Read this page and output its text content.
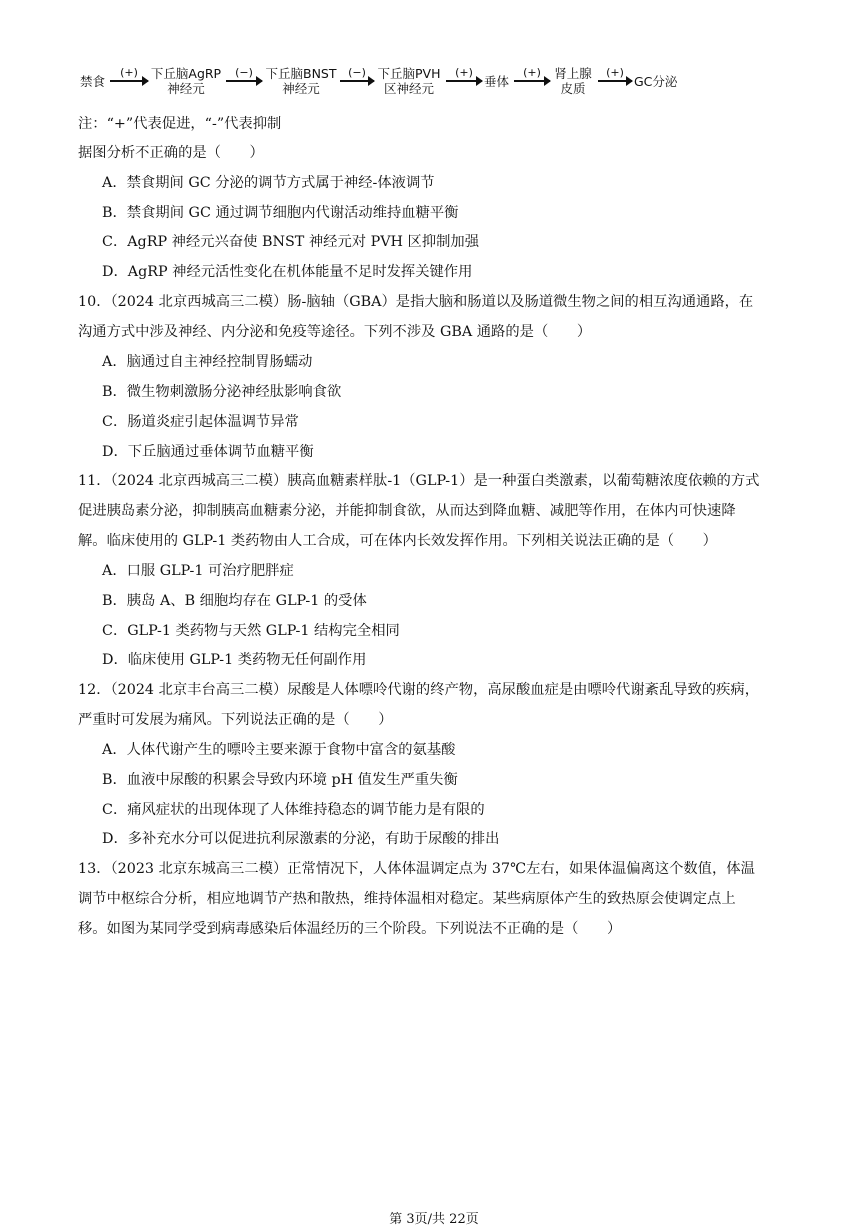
禁食
(+)	下丘脑AgRP
神经元
(−)	下丘脑BNST
神经元
(−) 下丘脑PVH
区神经元
(+)
垂体
(+)	肾上腺
皮质
(+)
GC分泌
注：“+”代表促进，“-”代表抑制
据图分析不正确的是（　　）
A．禁食期间 GC 分泌的调节方式属于神经-体液调节
B．禁食期间 GC 通过调节细胞内代谢活动维持血糖平衡
C．AgRP 神经元兴奋使 BNST 神经元对 PVH 区抑制加强
D．AgRP 神经元活性变化在机体能量不足时发挥关键作用
10．（2024 北京西城高三二模）肠-脑轴（GBA）是指大脑和肠道以及肠道微生物之间的相互沟通通路，在
沟通方式中涉及神经、内分泌和免疫等途径。下列不涉及 GBA 通路的是（　　）
A．脑通过自主神经控制胃肠蠕动
B．微生物刺激肠分泌神经肽影响食欲
C．肠道炎症引起体温调节异常
D．下丘脑通过垂体调节血糖平衡
11．（2024 北京西城高三二模）胰高血糖素样肽-1（GLP-1）是一种蛋白类激素，以葡萄糖浓度依赖的方式
促进胰岛素分泌，抑制胰高血糖素分泌，并能抑制食欲，从而达到降血糖、减肥等作用，在体内可快速降
解。临床使用的 GLP-1 类药物由人工合成，可在体内长效发挥作用。下列相关说法正确的是（　　）
A．口服 GLP-1 可治疗肥胖症
B．胰岛 A、B 细胞均存在 GLP-1 的受体
C．GLP-1 类药物与天然 GLP-1 结构完全相同
D．临床使用 GLP-1 类药物无任何副作用
12．（2024 北京丰台高三二模）尿酸是人体嘌呤代谢的终产物，高尿酸血症是由嘌呤代谢紊乱导致的疾病，
严重时可发展为痛风。下列说法正确的是（　　）
A．人体代谢产生的嘌呤主要来源于食物中富含的氨基酸
B．血液中尿酸的积累会导致内环境 pH 值发生严重失衡
C．痛风症状的出现体现了人体维持稳态的调节能力是有限的
D．多补充水分可以促进抗利尿激素的分泌，有助于尿酸的排出
13．（2023 北京东城高三二模）正常情况下，人体体温调定点为 37℃左右，如果体温偏离这个数值，体温
调节中枢综合分析，相应地调节产热和散热，维持体温相对稳定。某些病原体产生的致热原会使调定点上
移。如图为某同学受到病毒感染后体温经历的三个阶段。下列说法不正确的是（　　）
第 3页/共 22页
